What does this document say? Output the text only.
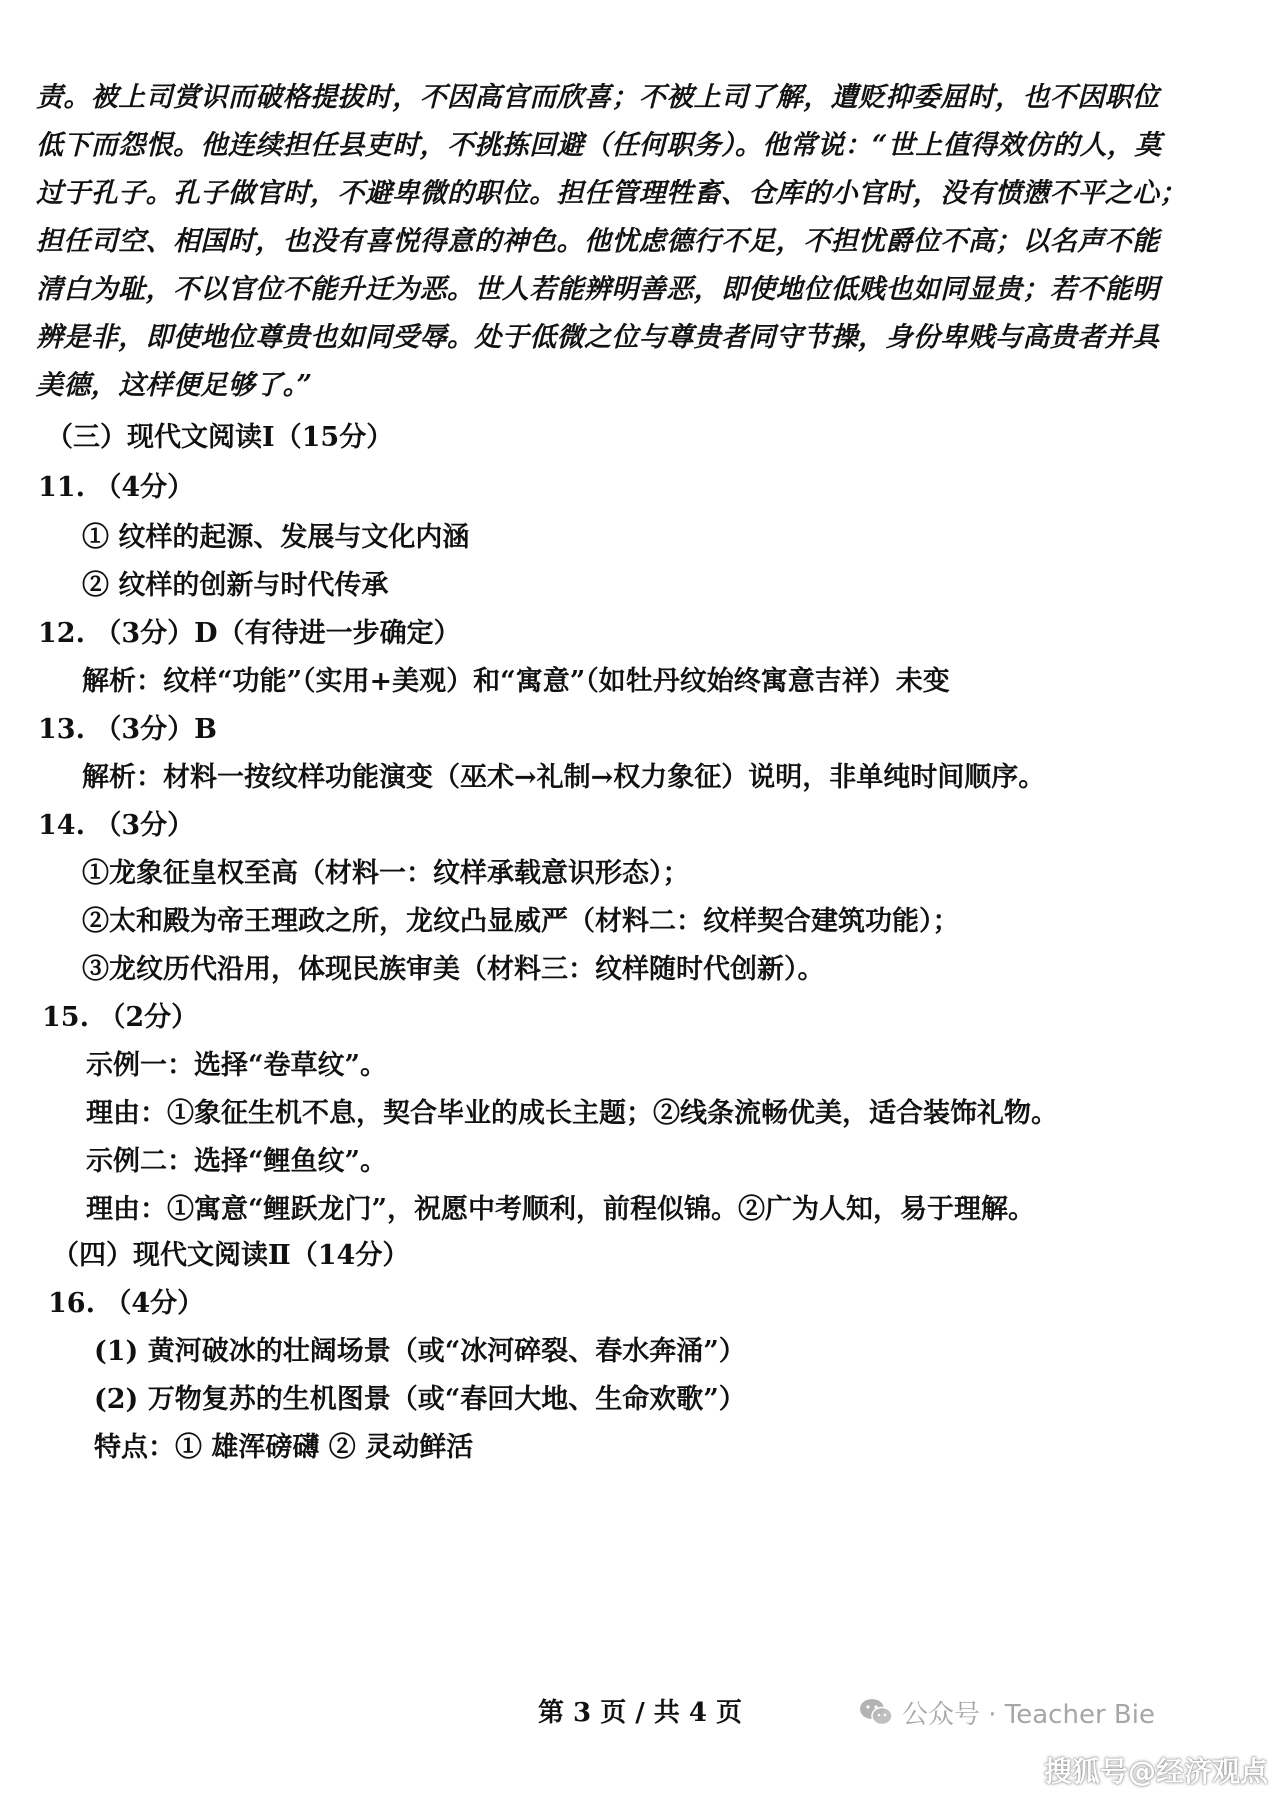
责。被上司赏识而破格提拔时，不因高官而欣喜；不被上司了解，遭贬抑委屈时，也不因职位
低下而怨恨。他连续担任县吏时，不挑拣回避（任何职务）。他常说：“世上值得效仿的人，莫
过于孔子。孔子做官时，不避卑微的职位。担任管理牲畜、仓库的小官时，没有愤懑不平之心；
担任司空、相国时，也没有喜悦得意的神色。他忧虑德行不足，不担忧爵位不高；以名声不能
清白为耻，不以官位不能升迁为恶。世人若能辨明善恶，即使地位低贱也如同显贵；若不能明
辨是非，即使地位尊贵也如同受辱。处于低微之位与尊贵者同守节操，身份卑贱与高贵者并具
美德，这样便足够了。”
（三）现代文阅读Ⅰ（15分）
11. （4分）
① 纹样的起源、发展与文化内涵
② 纹样的创新与时代传承
12. （3分）D（有待进一步确定）
解析：纹样“功能”（实用+美观）和“寓意”（如牡丹纹始终寓意吉祥）未变
13. （3分）B
解析：材料一按纹样功能演变（巫术→礼制→权力象征）说明，非单纯时间顺序。
14. （3分）
①龙象征皇权至高（材料一：纹样承载意识形态）；
②太和殿为帝王理政之所，龙纹凸显威严（材料二：纹样契合建筑功能）；
③龙纹历代沿用，体现民族审美（材料三：纹样随时代创新）。
15. （2分）
示例一：选择“卷草纹”。
理由：①象征生机不息，契合毕业的成长主题；②线条流畅优美，适合装饰礼物。
示例二：选择“鲤鱼纹”。
理由：①寓意“鲤跃龙门”，祝愿中考顺利，前程似锦。②广为人知，易于理解。
（四）现代文阅读Ⅱ（14分）
16. （4分）
(1) 黄河破冰的壮阔场景（或“冰河碎裂、春水奔涌”）
(2) 万物复苏的生机图景（或“春回大地、生命欢歌”）
特点：① 雄浑磅礴 ② 灵动鲜活
第 3 页 / 共 4 页	公众号 · Teacher Bie
搜狐号@经济观点
